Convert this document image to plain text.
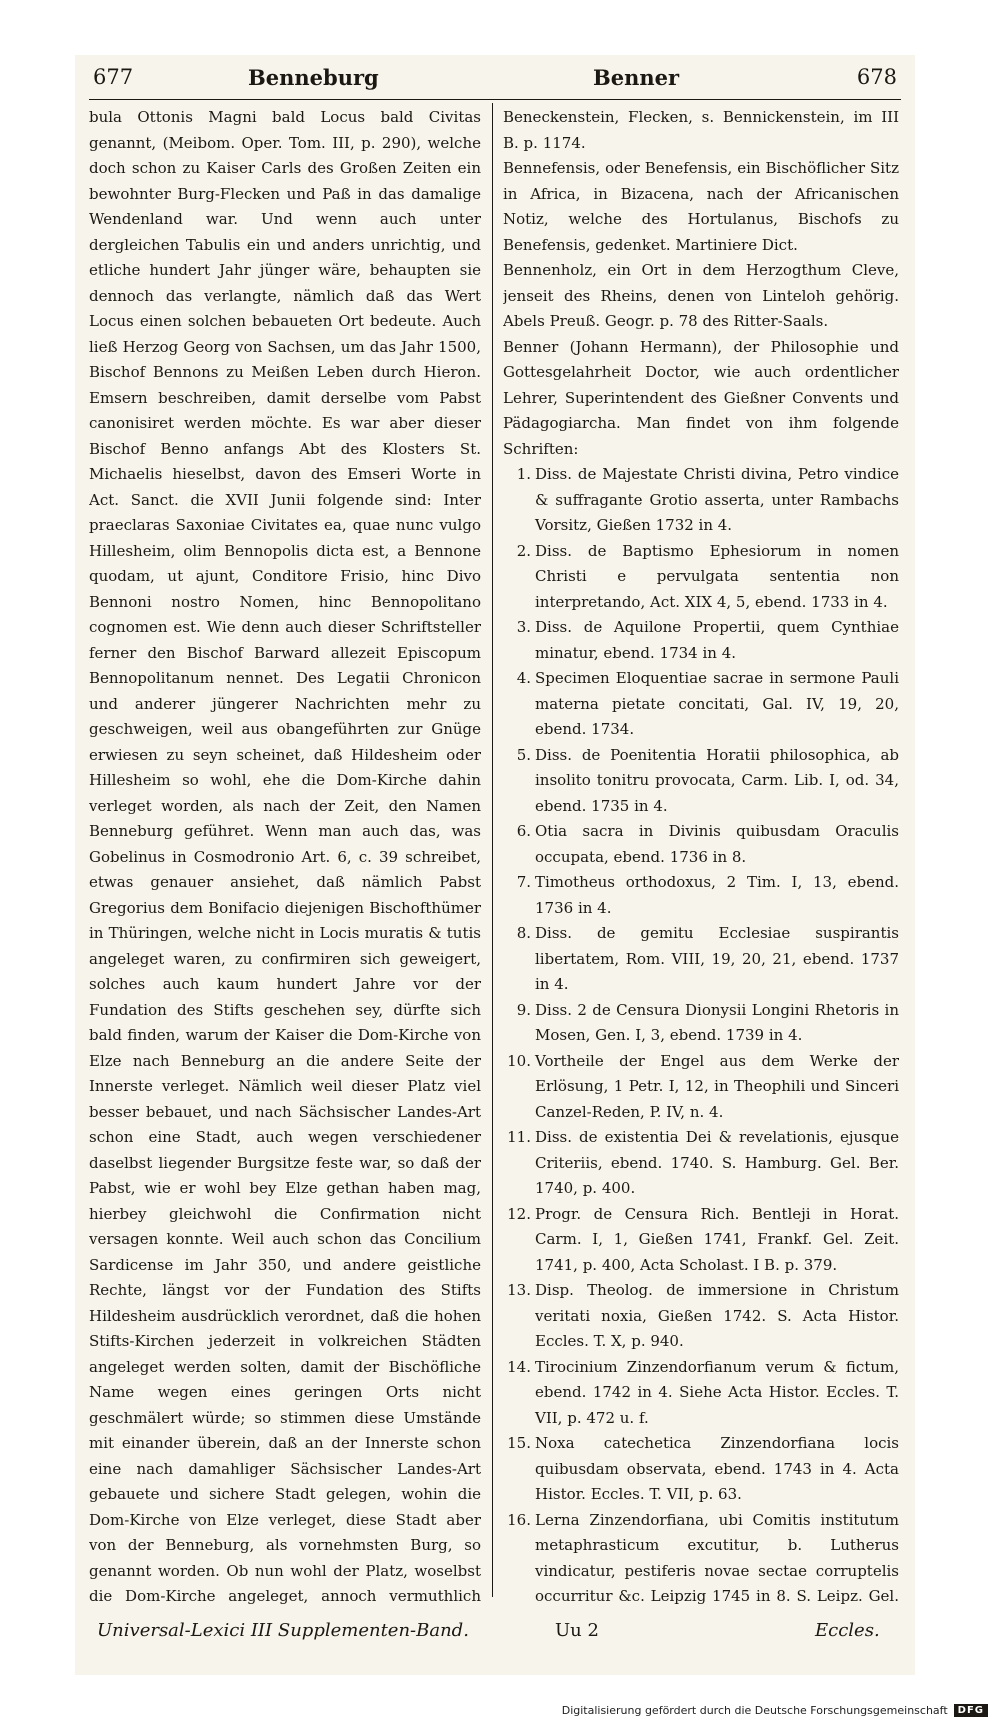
677	Benneburg	Benner	678

bula Ottonis Magni bald Locus bald Civitas genannt, (Meibom. Oper. Tom. III, p. 290), welche doch schon zu Kaiser Carls des Großen Zeiten ein bewohnter Burg-Flecken und Paß in das damalige Wendenland war. Und wenn auch unter dergleichen Tabulis ein und anders unrichtig, und etliche hundert Jahr jünger wäre, behaupten sie dennoch das verlangte, nämlich daß das Wert Locus einen solchen bebaueten Ort bedeute. Auch ließ Herzog Georg von Sachsen, um das Jahr 1500, Bischof Bennons zu Meißen Leben durch Hieron. Emsern beschreiben, damit derselbe vom Pabst canonisiret werden möchte. Es war aber dieser Bischof Benno anfangs Abt des Klosters St. Michaelis hieselbst, davon des Emseri Worte in Act. Sanct. die XVII Junii folgende sind: Inter praeclaras Saxoniae Civitates ea, quae nunc vulgo Hillesheim, olim Bennopolis dicta est, a Bennone quodam, ut ajunt, Conditore Frisio, hinc Divo Bennoni nostro Nomen, hinc Bennopolitano cognomen est. Wie denn auch dieser Schriftsteller ferner den Bischof Barward allezeit Episcopum Bennopolitanum nennet. Des Legatii Chronicon und anderer jüngerer Nachrichten mehr zu geschweigen, weil aus obangeführten zur Gnüge erwiesen zu seyn scheinet, daß Hildesheim oder Hillesheim so wohl, ehe die Dom-Kirche dahin verleget worden, als nach der Zeit, den Namen Benneburg geführet. Wenn man auch das, was Gobelinus in Cosmodronio Art. 6, c. 39 schreibet, etwas genauer ansiehet, daß nämlich Pabst Gregorius dem Bonifacio diejenigen Bischofthümer in Thüringen, welche nicht in Locis muratis & tutis angeleget waren, zu confirmiren sich geweigert, solches auch kaum hundert Jahre vor der Fundation des Stifts geschehen sey, dürfte sich bald finden, warum der Kaiser die Dom-Kirche von Elze nach Benneburg an die andere Seite der Innerste verleget. Nämlich weil dieser Platz viel besser bebauet, und nach Sächsischer Landes-Art schon eine Stadt, auch wegen verschiedener daselbst liegender Burgsitze feste war, so daß der Pabst, wie er wohl bey Elze gethan haben mag, hierbey gleichwohl die Confirmation nicht versagen konnte. Weil auch schon das Concilium Sardicense im Jahr 350, und andere geistliche Rechte, längst vor der Fundation des Stifts Hildesheim ausdrücklich verordnet, daß die hohen Stifts-Kirchen jederzeit in volkreichen Städten angeleget werden solten, damit der Bischöfliche Name wegen eines geringen Orts nicht geschmälert würde; so stimmen diese Umstände mit einander überein, daß an der Innerste schon eine nach damahliger Sächsischer Landes-Art gebauete und sichere Stadt gelegen, wohin die Dom-Kirche von Elze verleget, diese Stadt aber von der Benneburg, als vornehmsten Burg, so genannt worden. Ob nun wohl der Platz, woselbst die Dom-Kirche angeleget, annoch vermuthlich

Beneckenstein, Flecken, s. Bennickenstein, im III B. p. 1174.

Bennefensis, oder Benefensis, ein Bischöflicher Sitz in Africa, in Bizacena, nach der Africanischen Notiz, welche des Hortulanus, Bischofs zu Benefensis, gedenket. Martiniere Dict.

Bennenholz, ein Ort in dem Herzogthum Cleve, jenseit des Rheins, denen von Linteloh gehörig. Abels Preuß. Geogr. p. 78 des Ritter-Saals.

Benner (Johann Hermann), der Philosophie und Gottesgelahrheit Doctor, wie auch ordentlicher Lehrer, Superintendent des Gießner Convents und Pädagogiarcha. Man findet von ihm folgende Schriften:

1. Diss. de Majestate Christi divina, Petro vindice & suffragante Grotio asserta, unter Rambachs Vorsitz, Gießen 1732 in 4.
2. Diss. de Baptismo Ephesiorum in nomen Christi e pervulgata sententia non interpretando, Act. XIX 4, 5, ebend. 1733 in 4.
3. Diss. de Aquilone Propertii, quem Cynthiae minatur, ebend. 1734 in 4.
4. Specimen Eloquentiae sacrae in sermone Pauli materna pietate concitati, Gal. IV, 19, 20, ebend. 1734.
5. Diss. de Poenitentia Horatii philosophica, ab insolito tonitru provocata, Carm. Lib. I, od. 34, ebend. 1735 in 4.
6. Otia sacra in Divinis quibusdam Oraculis occupata, ebend. 1736 in 8.
7. Timotheus orthodoxus, 2 Tim. I, 13, ebend. 1736 in 4.
8. Diss. de gemitu Ecclesiae suspirantis libertatem, Rom. VIII, 19, 20, 21, ebend. 1737 in 4.
9. Diss. 2 de Censura Dionysii Longini Rhetoris in Mosen, Gen. I, 3, ebend. 1739 in 4.
10. Vortheile der Engel aus dem Werke der Erlösung, 1 Petr. I, 12, in Theophili und Sinceri Canzel-Reden, P. IV, n. 4.
11. Diss. de existentia Dei & revelationis, ejusque Criteriis, ebend. 1740. S. Hamburg. Gel. Ber. 1740, p. 400.
12. Progr. de Censura Rich. Bentleji in Horat. Carm. I, 1, Gießen 1741, Frankf. Gel. Zeit. 1741, p. 400, Acta Scholast. I B. p. 379.
13. Disp. Theolog. de immersione in Christum veritati noxia, Gießen 1742. S. Acta Histor. Eccles. T. X, p. 940.
14. Tirocinium Zinzendorfianum verum & fictum, ebend. 1742 in 4. Siehe Acta Histor. Eccles. T. VII, p. 472 u. f.
15. Noxa catechetica Zinzendorfiana locis quibusdam observata, ebend. 1743 in 4. Acta Histor. Eccles. T. VII, p. 63.
16. Lerna Zinzendorfiana, ubi Comitis institutum metaphrasticum excutitur, b. Lutherus vindicatur, pestiferis novae sectae corruptelis occurritur &c. Leipzig 1745 in 8. S. Leipz. Gel.
Universal-Lexici III Supplementen-Band.	Uu 2	Eccles.
Digitalisierung gefördert durch die Deutsche Forschungsgemeinschaft	DFG
